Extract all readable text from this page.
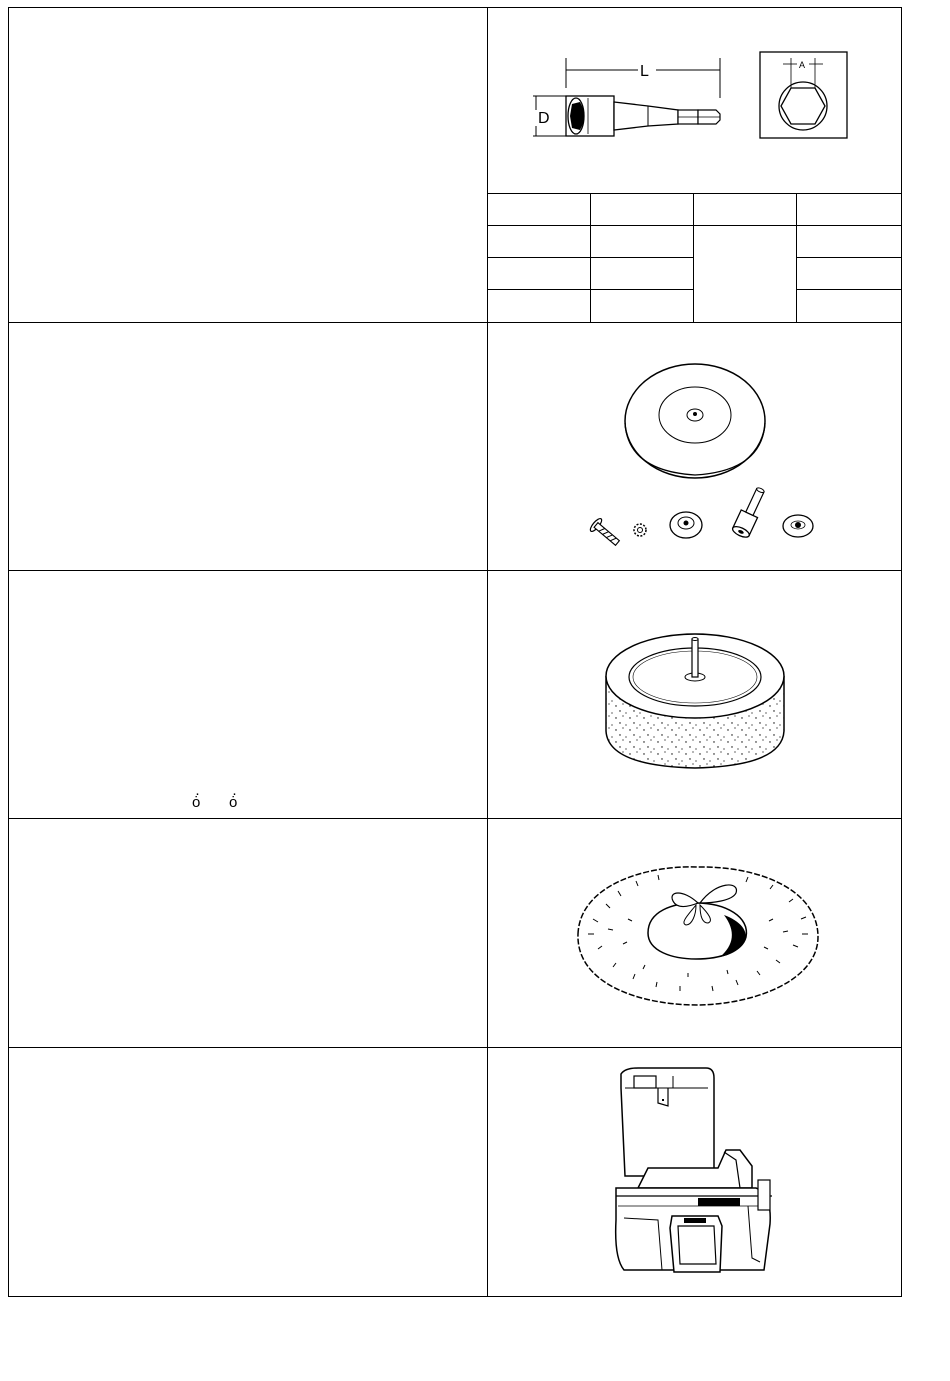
L
D
A
· ȯ
· ȯ
